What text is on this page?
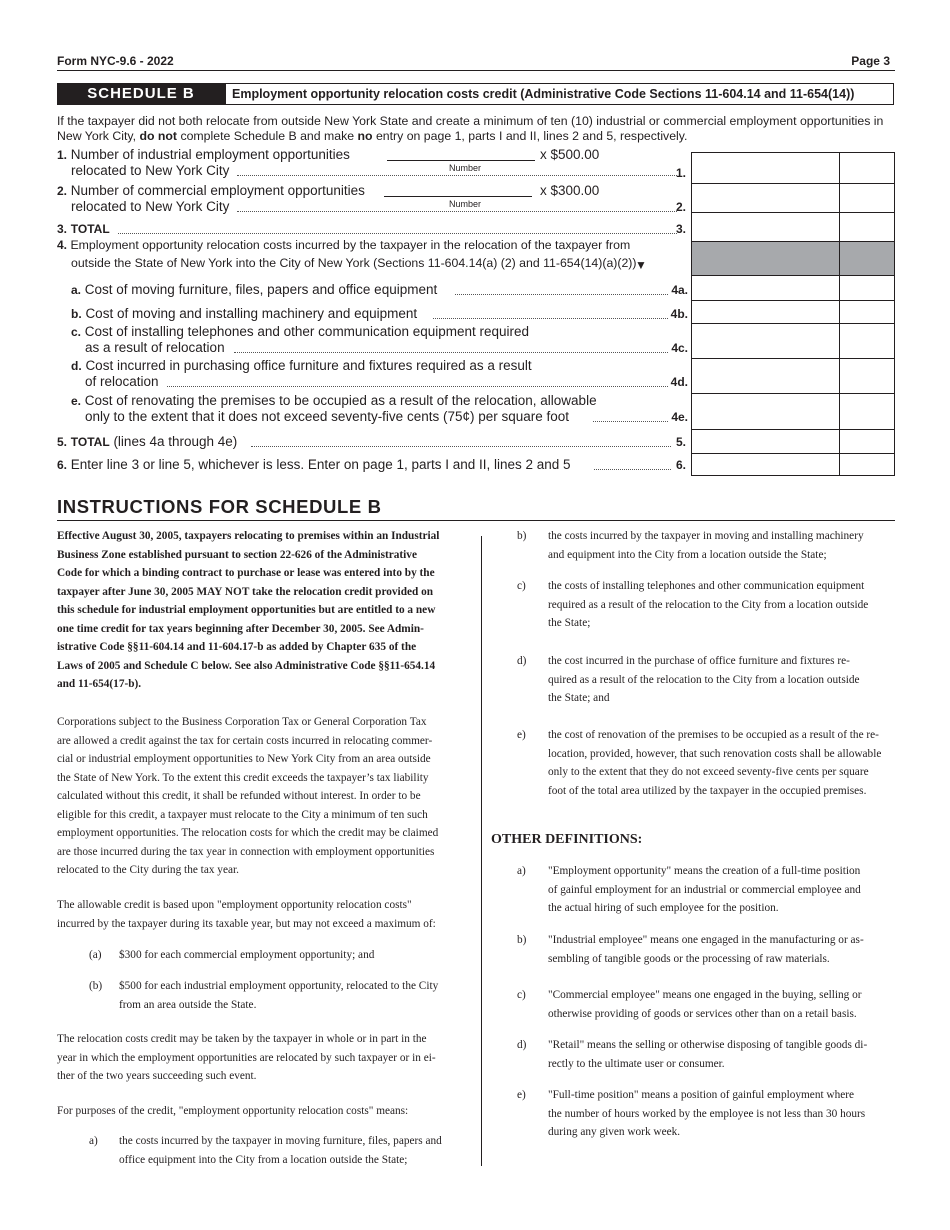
Form NYC-9.6 - 2022	Page 3
SCHEDULE B	Employment opportunity relocation costs credit (Administrative Code Sections 11-604.14 and 11-654(14))
If the taxpayer did not both relocate from outside New York State and create a minimum of ten (10) industrial or commercial employment opportunities in New York City, do not complete Schedule B and make no entry on page 1, parts I and II, lines 2 and 5, respectively.
1. Number of industrial employment opportunities
relocated to New York City	Number
x $500.00
1.
2. Number of commercial employment opportunities
relocated to New York City	Number
x $300.00
2.
3. TOTAL	3.
4. Employment opportunity relocation costs incurred by the taxpayer in the relocation of the taxpayer from
outside the State of New York into the City of New York (Sections 11-604.14(a) (2) and 11-654(14)(a)(2))
▼
a. Cost of moving furniture, files, papers and office equipment	4a.
b. Cost of moving and installing machinery and equipment	4b.
c. Cost of installing telephones and other communication equipment required
as a result of relocation	4c.
d. Cost incurred in purchasing office furniture and fixtures required as a result
of relocation	4d.
e. Cost of renovating the premises to be occupied as a result of the relocation, allowable
only to the extent that it does not exceed seventy-five cents (75¢) per square foot	4e.
5. TOTAL (lines 4a through 4e)	5.
6. Enter line 3 or line 5, whichever is less. Enter on page 1, parts I and II, lines 2 and 5	6.
INSTRUCTIONS FOR SCHEDULE B
Effective August 30, 2005, taxpayers relocating to premises within an Industrial
Business Zone established pursuant to section 22-626 of the Administrative
Code for which a binding contract to purchase or lease was entered into by the
taxpayer after June 30, 2005 MAY NOT take the relocation credit provided on
this schedule for industrial employment opportunities but are entitled to a new
one time credit for tax years beginning after December 30, 2005. See Admin-
istrative Code §§11-604.14 and 11-604.17-b as added by Chapter 635 of the
Laws of 2005 and Schedule C below. See also Administrative Code §§11-654.14
and 11-654(17-b).
Corporations subject to the Business Corporation Tax or General Corporation Tax
are allowed a credit against the tax for certain costs incurred in relocating commer-
cial or industrial employment opportunities to New York City from an area outside
the State of New York. To the extent this credit exceeds the taxpayer’s tax liability
calculated without this credit, it shall be refunded without interest. In order to be
eligible for this credit, a taxpayer must relocate to the City a minimum of ten such
employment opportunities. The relocation costs for which the credit may be claimed
are those incurred during the tax year in connection with employment opportunities
relocated to the City during the tax year.
The allowable credit is based upon "employment opportunity relocation costs"
incurred by the taxpayer during its taxable year, but may not exceed a maximum of:
(a) $300 for each commercial employment opportunity; and
(b) $500 for each industrial employment opportunity, relocated to the City
from an area outside the State.
The relocation costs credit may be taken by the taxpayer in whole or in part in the
year in which the employment opportunities are relocated by such taxpayer or in ei-
ther of the two years succeeding such event.
For purposes of the credit, "employment opportunity relocation costs" means:
a) the costs incurred by the taxpayer in moving furniture, files, papers and
office equipment into the City from a location outside the State;
b) the costs incurred by the taxpayer in moving and installing machinery
and equipment into the City from a location outside the State;
c) the costs of installing telephones and other communication equipment
required as a result of the relocation to the City from a location outside
the State;
d) the cost incurred in the purchase of office furniture and fixtures re-
quired as a result of the relocation to the City from a location outside
the State; and
e) the cost of renovation of the premises to be occupied as a result of the re-
location, provided, however, that such renovation costs shall be allowable
only to the extent that they do not exceed seventy-five cents per square
foot of the total area utilized by the taxpayer in the occupied premises.
OTHER DEFINITIONS:
a) "Employment opportunity" means the creation of a full-time position
of gainful employment for an industrial or commercial employee and
the actual hiring of such employee for the position.
b) "Industrial employee" means one engaged in the manufacturing or as-
sembling of tangible goods or the processing of raw materials.
c) "Commercial employee" means one engaged in the buying, selling or
otherwise providing of goods or services other than on a retail basis.
d) "Retail" means the selling or otherwise disposing of tangible goods di-
rectly to the ultimate user or consumer.
e) "Full-time position" means a position of gainful employment where
the number of hours worked by the employee is not less than 30 hours
during any given work week.
